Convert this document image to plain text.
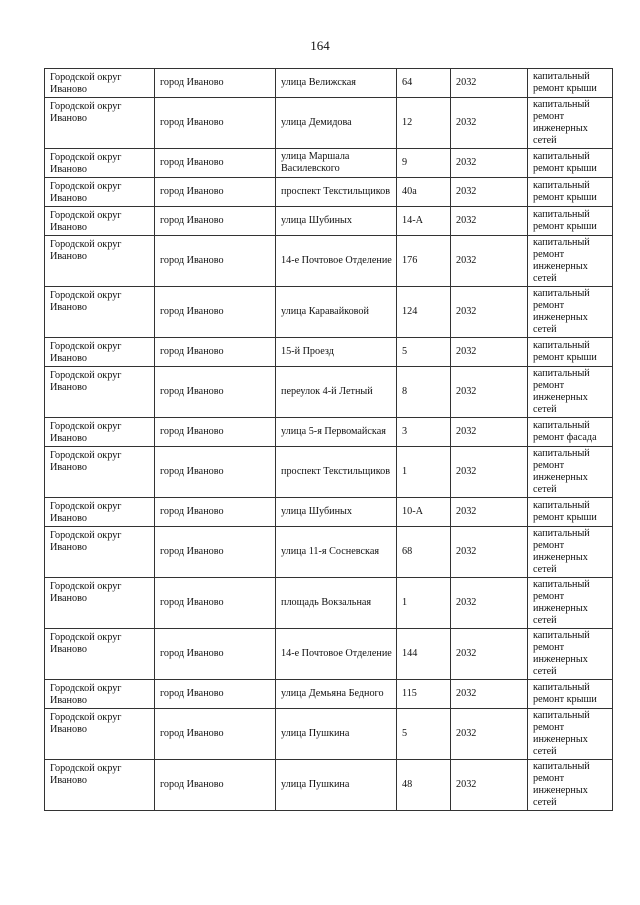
164
Городской округ Иваново	город Иваново	улица Велижская	64	2032	капитальный ремонт крыши
Городской округ Иваново	город Иваново	улица Демидова	12	2032	капитальный ремонт инженерных сетей
Городской округ Иваново	город Иваново	улица Маршала Василевского	9	2032	капитальный ремонт крыши
Городской округ Иваново	город Иваново	проспект Текстильщиков	40а	2032	капитальный ремонт крыши
Городской округ Иваново	город Иваново	улица Шубиных	14-А	2032	капитальный ремонт крыши
Городской округ Иваново	город Иваново	14-е Почтовое Отделение	176	2032	капитальный ремонт инженерных сетей
Городской округ Иваново	город Иваново	улица Каравайковой	124	2032	капитальный ремонт инженерных сетей
Городской округ Иваново	город Иваново	15-й Проезд	5	2032	капитальный ремонт крыши
Городской округ Иваново	город Иваново	переулок 4-й Летный	8	2032	капитальный ремонт инженерных сетей
Городской округ Иваново	город Иваново	улица 5-я Первомайская	3	2032	капитальный ремонт фасада
Городской округ Иваново	город Иваново	проспект Текстильщиков	1	2032	капитальный ремонт инженерных сетей
Городской округ Иваново	город Иваново	улица Шубиных	10-А	2032	капитальный ремонт крыши
Городской округ Иваново	город Иваново	улица 11-я Сосневская	68	2032	капитальный ремонт инженерных сетей
Городской округ Иваново	город Иваново	площадь Вокзальная	1	2032	капитальный ремонт инженерных сетей
Городской округ Иваново	город Иваново	14-е Почтовое Отделение	144	2032	капитальный ремонт инженерных сетей
Городской округ Иваново	город Иваново	улица Демьяна Бедного	115	2032	капитальный ремонт крыши
Городской округ Иваново	город Иваново	улица Пушкина	5	2032	капитальный ремонт инженерных сетей
Городской округ Иваново	город Иваново	улица Пушкина	48	2032	капитальный ремонт инженерных сетей
